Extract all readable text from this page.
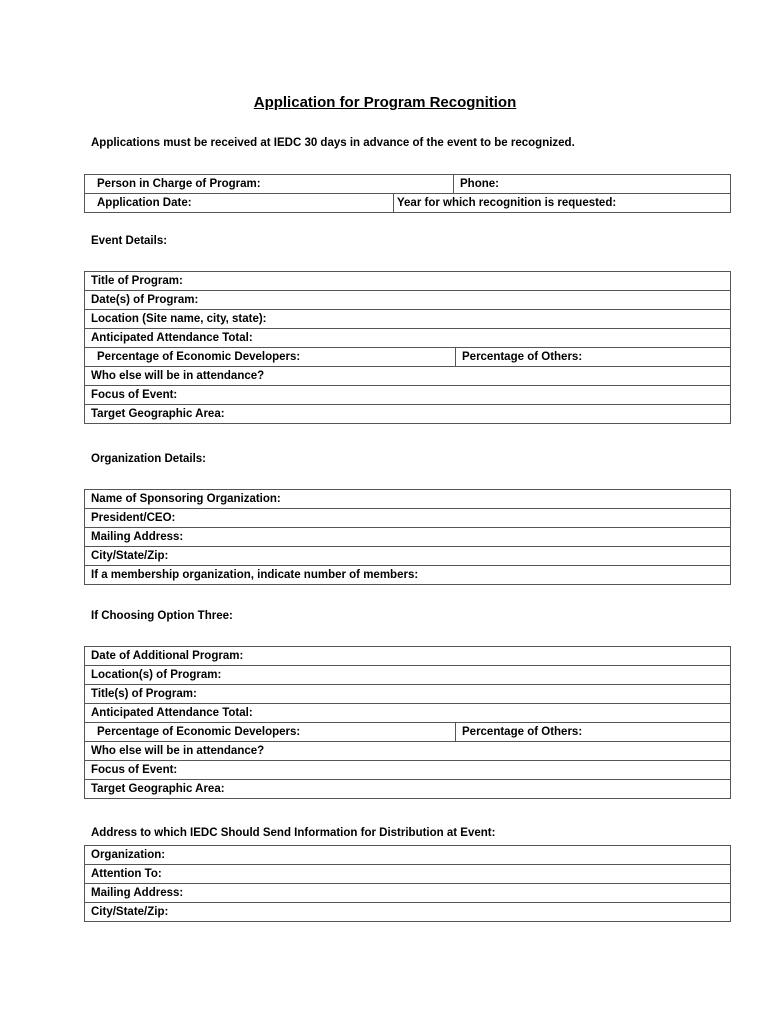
Application for Program Recognition
Applications must be received at IEDC 30 days in advance of the event to be recognized.
Person in Charge of Program:	Phone:

Application Date:	Year for which recognition is requested:
Event Details:
Title of Program:
Date(s) of Program:
Location (Site name, city, state):
Anticipated Attendance Total:

Percentage of Economic Developers:	Percentage of Others:

Who else will be in attendance?
Focus of Event:
Target Geographic Area:
Organization Details:
Name of Sponsoring Organization:
President/CEO:
Mailing Address:
City/State/Zip:
If a membership organization, indicate number of members:
If Choosing Option Three:
Date of Additional Program:
Location(s) of Program:
Title(s) of Program:
Anticipated Attendance Total:

Percentage of Economic Developers:	Percentage of Others:

Who else will be in attendance?
Focus of Event:
Target Geographic Area:
Address to which IEDC Should Send Information for Distribution at Event:
Organization:
Attention To:
Mailing Address:
City/State/Zip:
